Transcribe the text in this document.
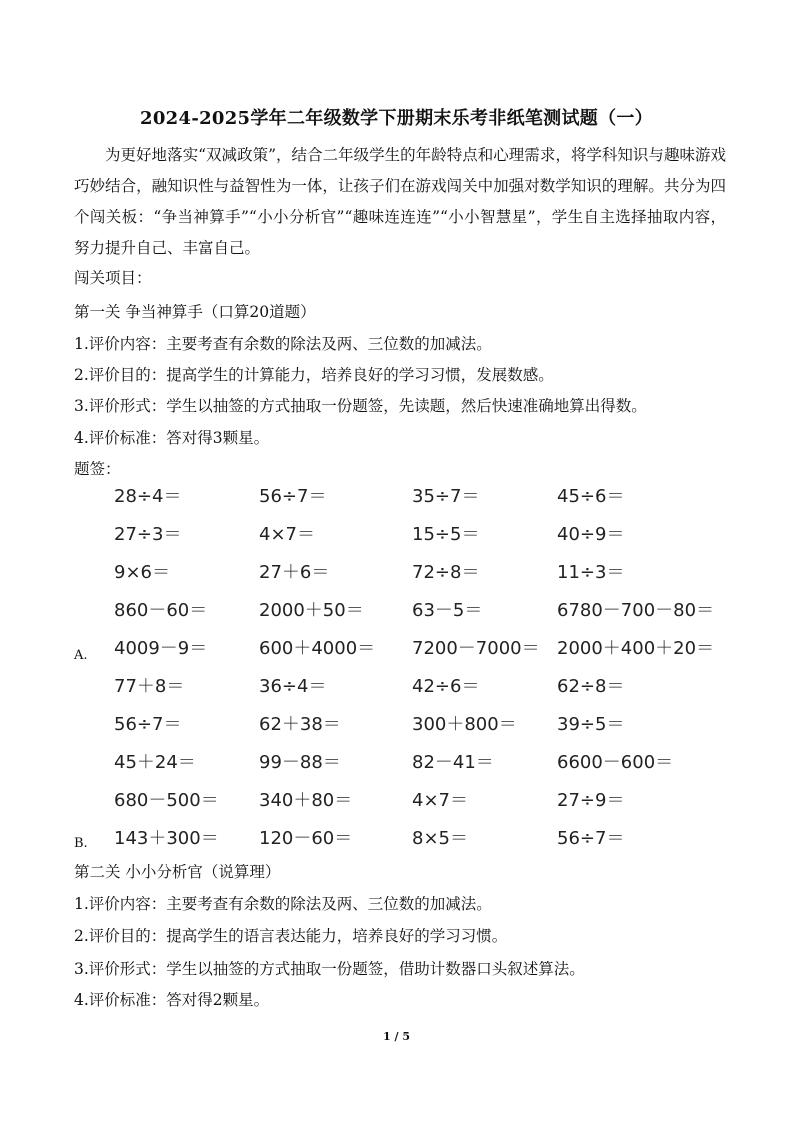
2024-2025学年二年级数学下册期末乐考非纸笔测试题（一）
为更好地落实“双减政策”，结合二年级学生的年龄特点和心理需求，将学科知识与趣味游戏巧妙结合，融知识性与益智性为一体，让孩子们在游戏闯关中加强对数学知识的理解。共分为四个闯关板：“争当神算手”“小小分析官”“趣味连连连”“小小智慧星”，学生自主选择抽取内容，努力提升自己、丰富自己。
闯关项目：
第一关 争当神算手（口算20道题）
1.评价内容：主要考查有余数的除法及两、三位数的加减法。
2.评价目的：提高学生的计算能力，培养良好的学习习惯，发展数感。
3.评价形式：学生以抽签的方式抽取一份题签，先读题，然后快速准确地算出得数。
4.评价标准：答对得3颗星。
题签：
28÷4＝	56÷7＝	35÷7＝	45÷6＝
27÷3＝	4×7＝	15÷5＝	40÷9＝
9×6＝	27＋6＝	72÷8＝	11÷3＝
860－60＝	2000＋50＝	63－5＝	6780－700－80＝
4009－9＝	600＋4000＝ 7200－7000＝ 2000＋400＋20＝
77＋8＝	36÷4＝	42÷6＝	62÷8＝
56÷7＝	62＋38＝	300＋800＝ 39÷5＝
45＋24＝	99－88＝	82－41＝	6600－600＝
680－500＝ 340＋80＝	4×7＝	27÷9＝
143＋300＝ 120－60＝	8×5＝	56÷7＝
A.
B.
第二关 小小分析官（说算理）
1.评价内容：主要考查有余数的除法及两、三位数的加减法。
2.评价目的：提高学生的语言表达能力，培养良好的学习习惯。
3.评价形式：学生以抽签的方式抽取一份题签，借助计数器口头叙述算法。
4.评价标准：答对得2颗星。
1 / 5
